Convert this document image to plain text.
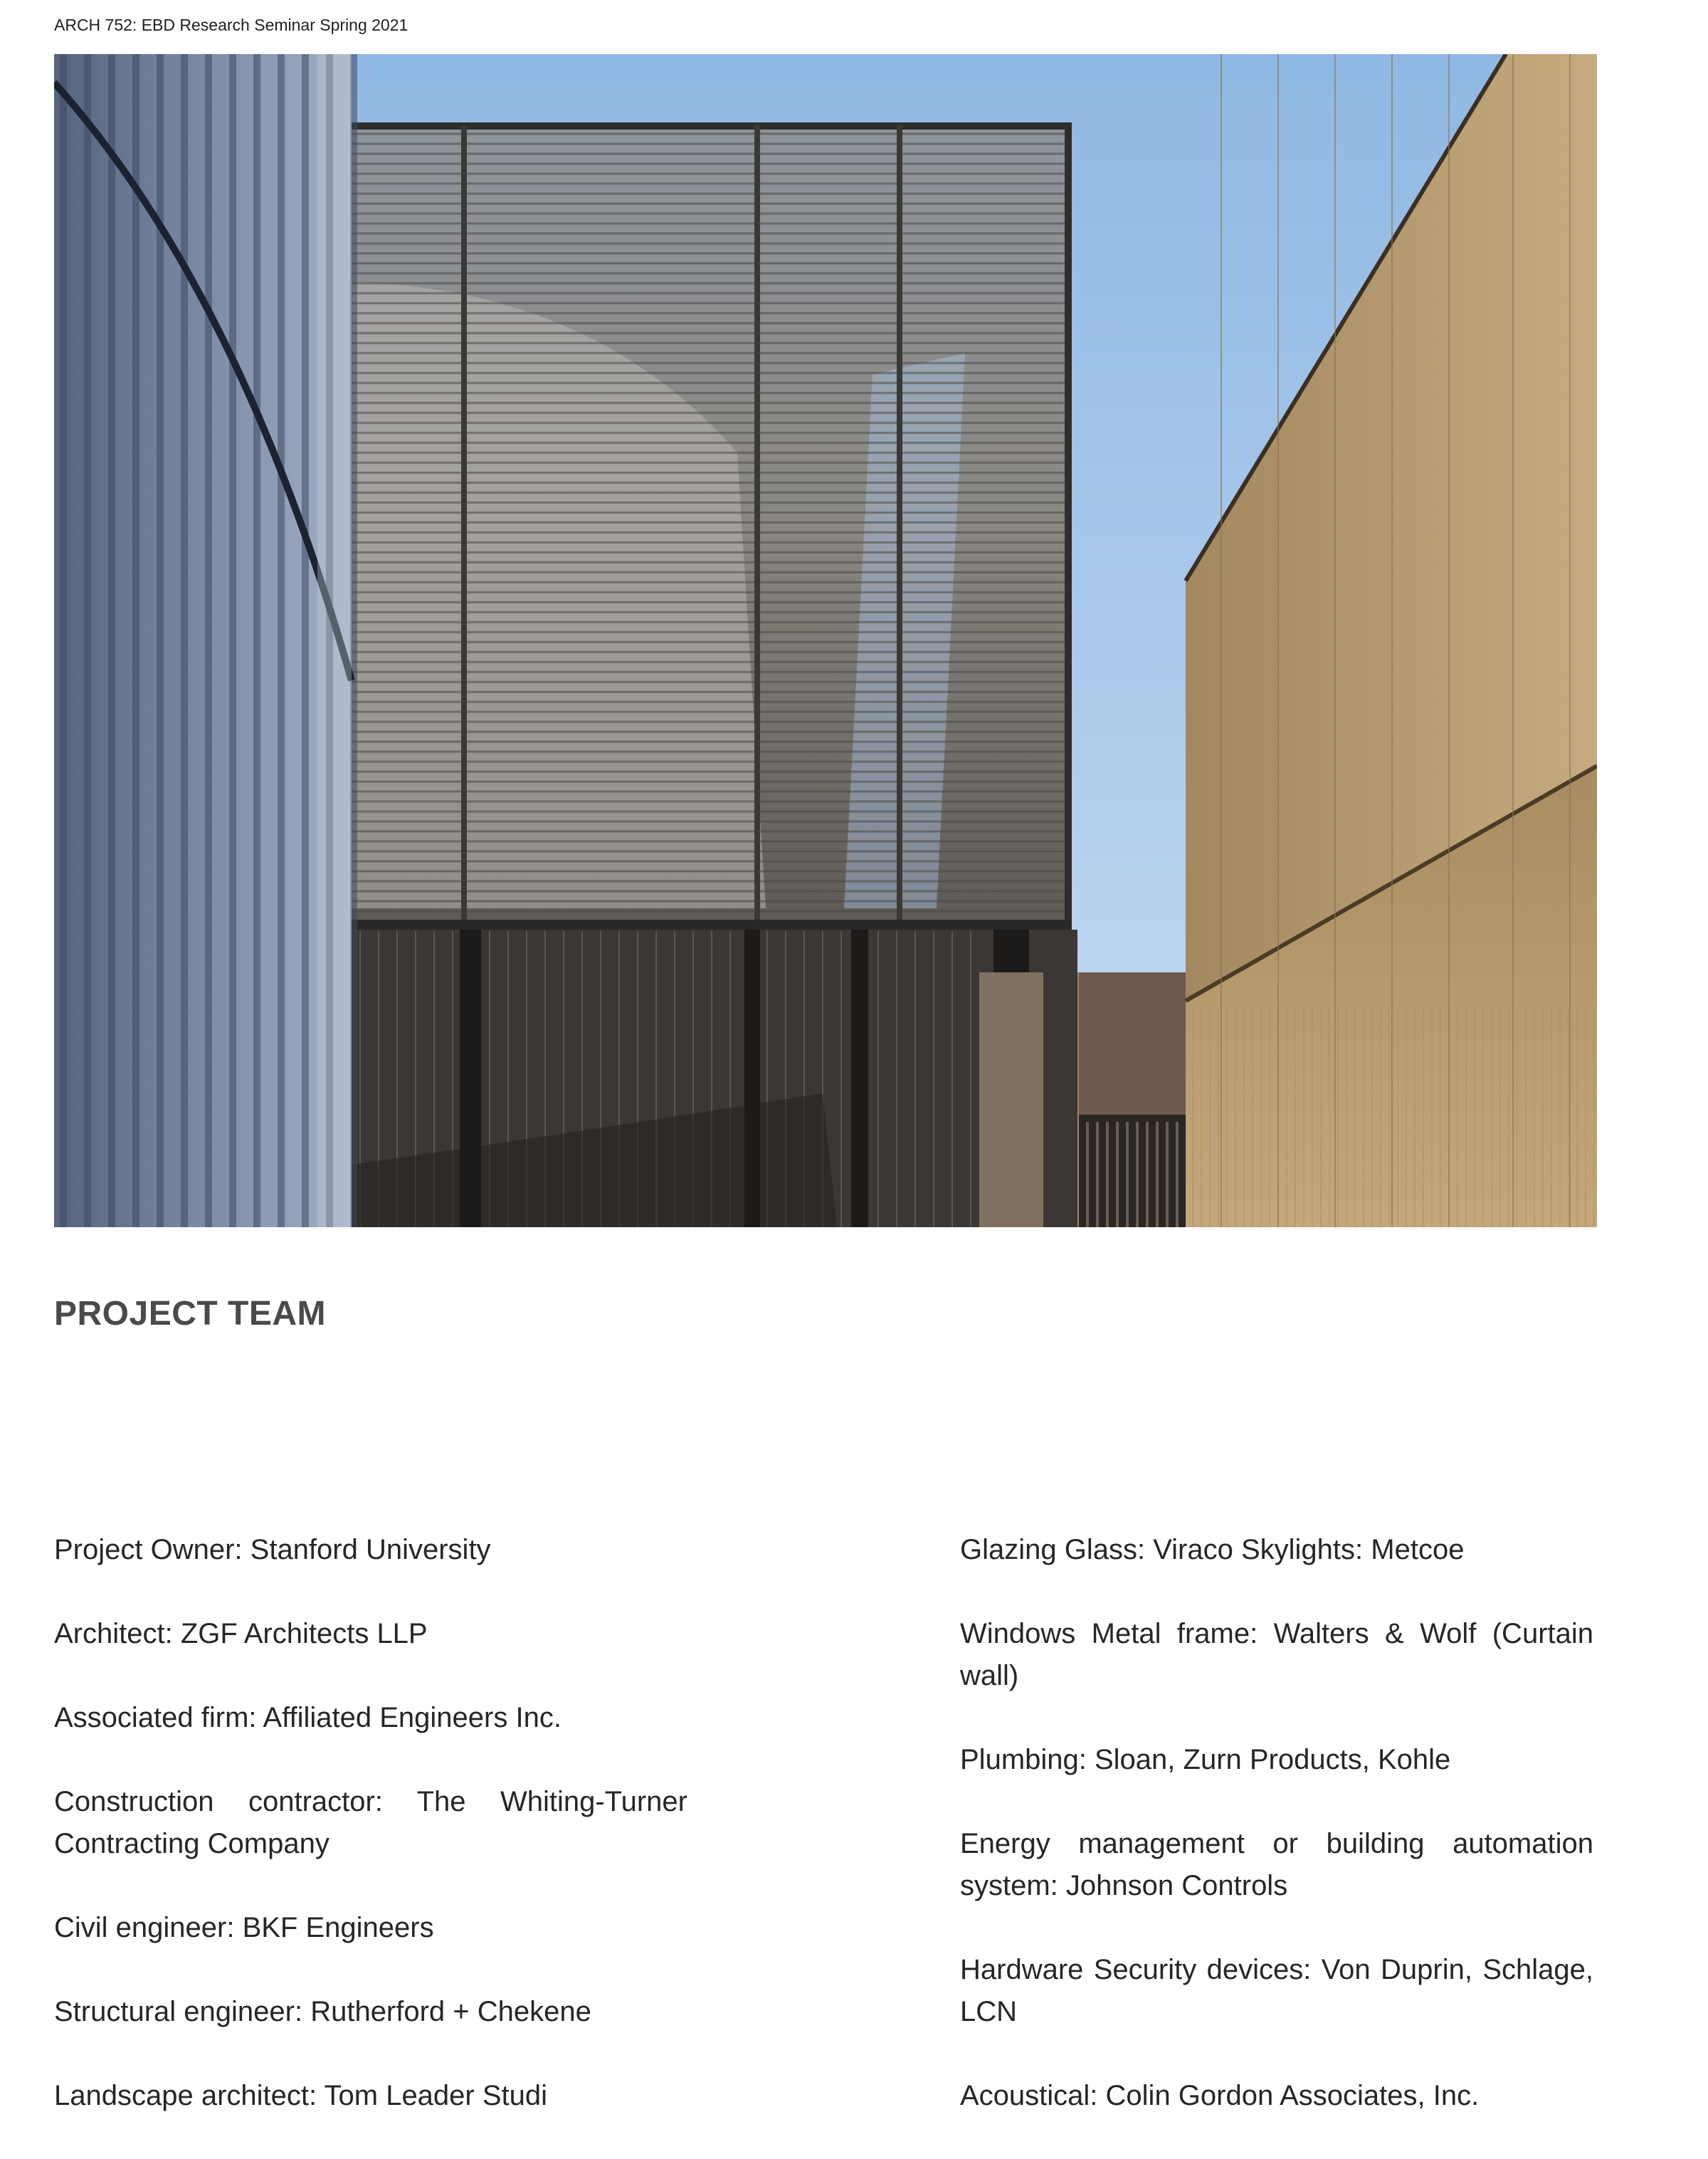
ARCH 752: EBD Research Seminar Spring 2021
PROJECT TEAM

Project Owner: Stanford University

Architect: ZGF Architects LLP

Associated firm: Affiliated Engineers Inc.

Construction contractor: The Whiting-Turner Contracting Company

Civil engineer: BKF Engineers

Structural engineer: Rutherford + Chekene

Landscape architect: Tom Leader Studi

Glazing Glass: Viraco Skylights: Metcoe

Windows Metal frame: Walters & Wolf (Curtain wall)

Plumbing: Sloan, Zurn Products, Kohle

Energy management or building automation system: Johnson Controls

Hardware Security devices: Von Duprin, Schlage, LCN

Acoustical: Colin Gordon Associates, Inc.
